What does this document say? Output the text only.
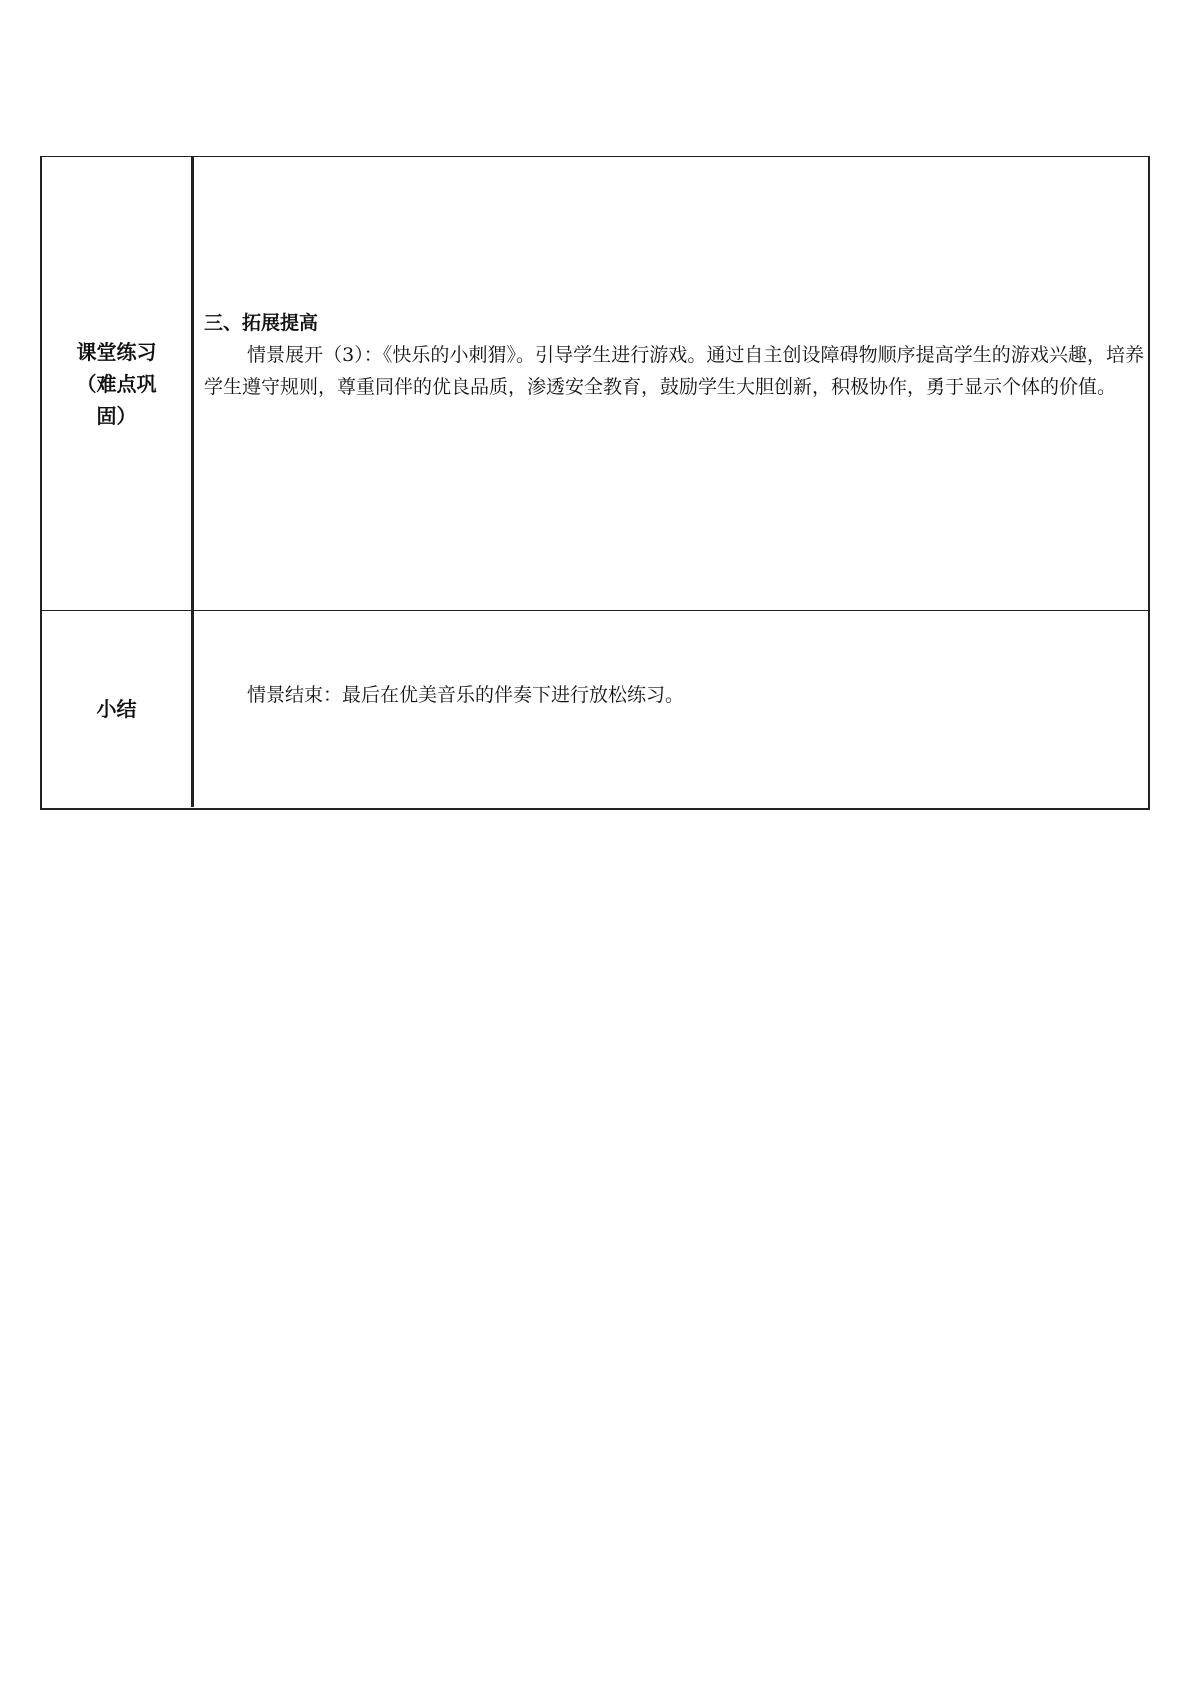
课堂练习
（难点巩
固）
三、拓展提高
情景展开（3）：《快乐的小刺猬》。引导学生进行游戏。通过自主创设障碍物顺序提高学生的游戏兴趣，培养学生遵守规则，尊重同伴的优良品质，渗透安全教育，鼓励学生大胆创新，积极协作，勇于显示个体的价值。
小结
情景结束：最后在优美音乐的伴奏下进行放松练习。
